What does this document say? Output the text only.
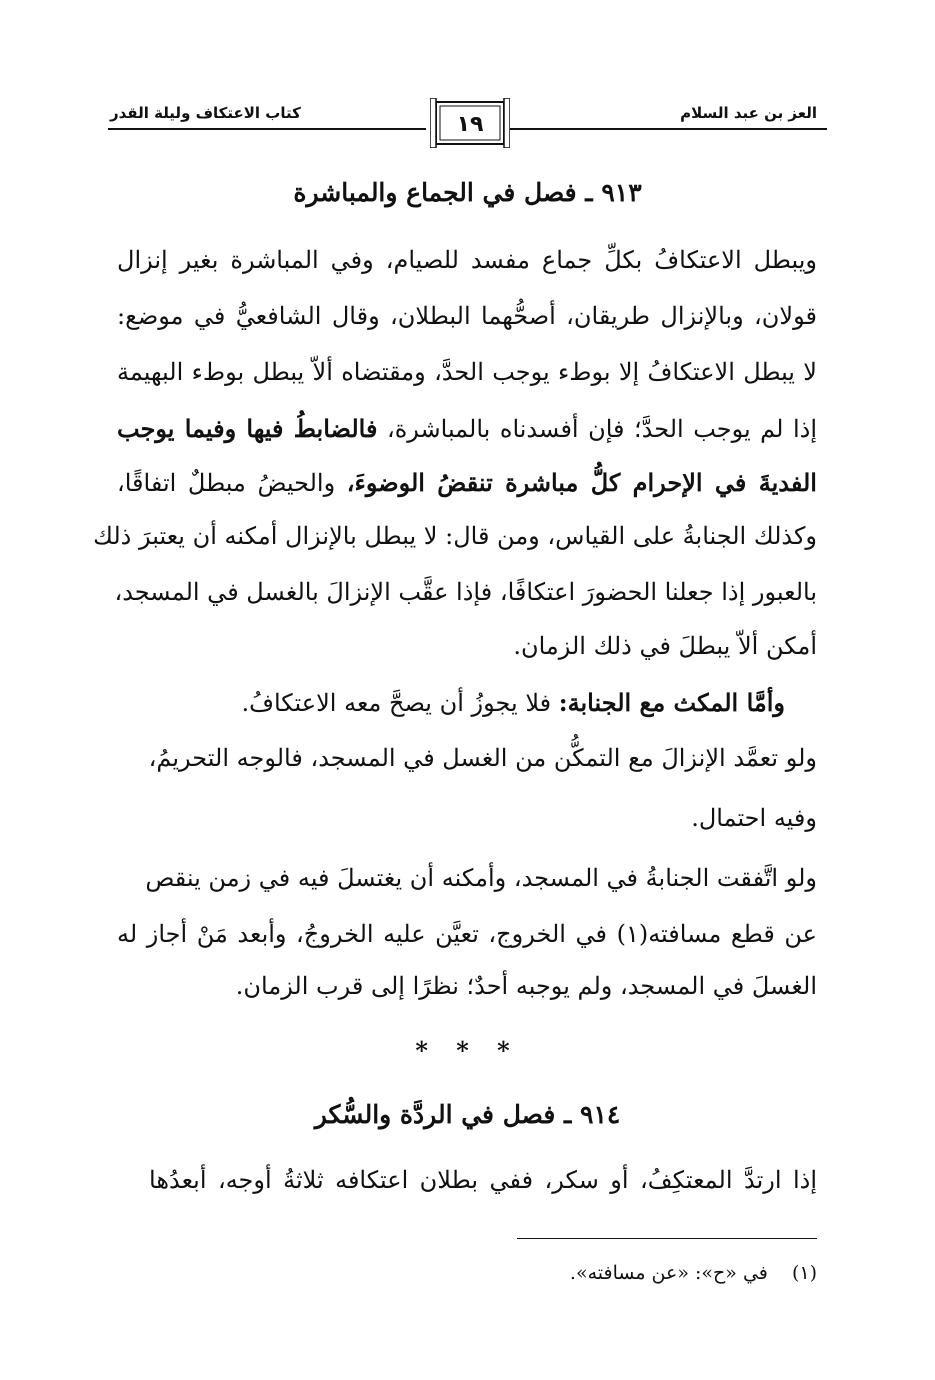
العز بن عبد السلام
كتاب الاعتكاف وليلة القدر	١٩
٩١٣ ـ فصل في الجماع والمباشرة
ويبطل الاعتكافُ بكلِّ جماع مفسد للصيام، وفي المباشرة بغير إنزال
قولان، وبالإنزال طريقان، أصحُّهما البطلان، وقال الشافعيُّ في موضع:
لا يبطل الاعتكافُ إلا بوطء يوجب الحدَّ، ومقتضاه ألاّ يبطل بوطء البهيمة
إذا لم يوجب الحدَّ؛ فإن أفسدناه بالمباشرة، فالضابطُ فيها وفيما يوجب
الفديةَ في الإحرام كلُّ مباشرة تنقضُ الوضوءَ، والحيضُ مبطلٌ اتفاقًا،
وكذلك الجنابةُ على القياس، ومن قال: لا يبطل بالإنزال أمكنه أن يعتبرَ ذلك
بالعبور إذا جعلنا الحضورَ اعتكافًا، فإذا عقَّب الإنزالَ بالغسل في المسجد،
أمكن ألاّ يبطلَ في ذلك الزمان.
وأمَّا المكث مع الجنابة: فلا يجوزُ أن يصحَّ معه الاعتكافُ.
ولو تعمَّد الإنزالَ مع التمكُّن من الغسل في المسجد، فالوجه التحريمُ،
وفيه احتمال.
ولو اتَّفقت الجنابةُ في المسجد، وأمكنه أن يغتسلَ فيه في زمن ينقص
عن قطع مسافته(١) في الخروج، تعيَّن عليه الخروجُ، وأبعد مَنْ أجاز له
الغسلَ في المسجد، ولم يوجبه أحدٌ؛ نظرًا إلى قرب الزمان.
* * *
٩١٤ ـ فصل في الردَّة والسُّكر
إذا ارتدَّ المعتكِفُ، أو سكر، ففي بطلان اعتكافه ثلاثةُ أوجه، أبعدُها
(١) في «ح»: «عن مسافته».
